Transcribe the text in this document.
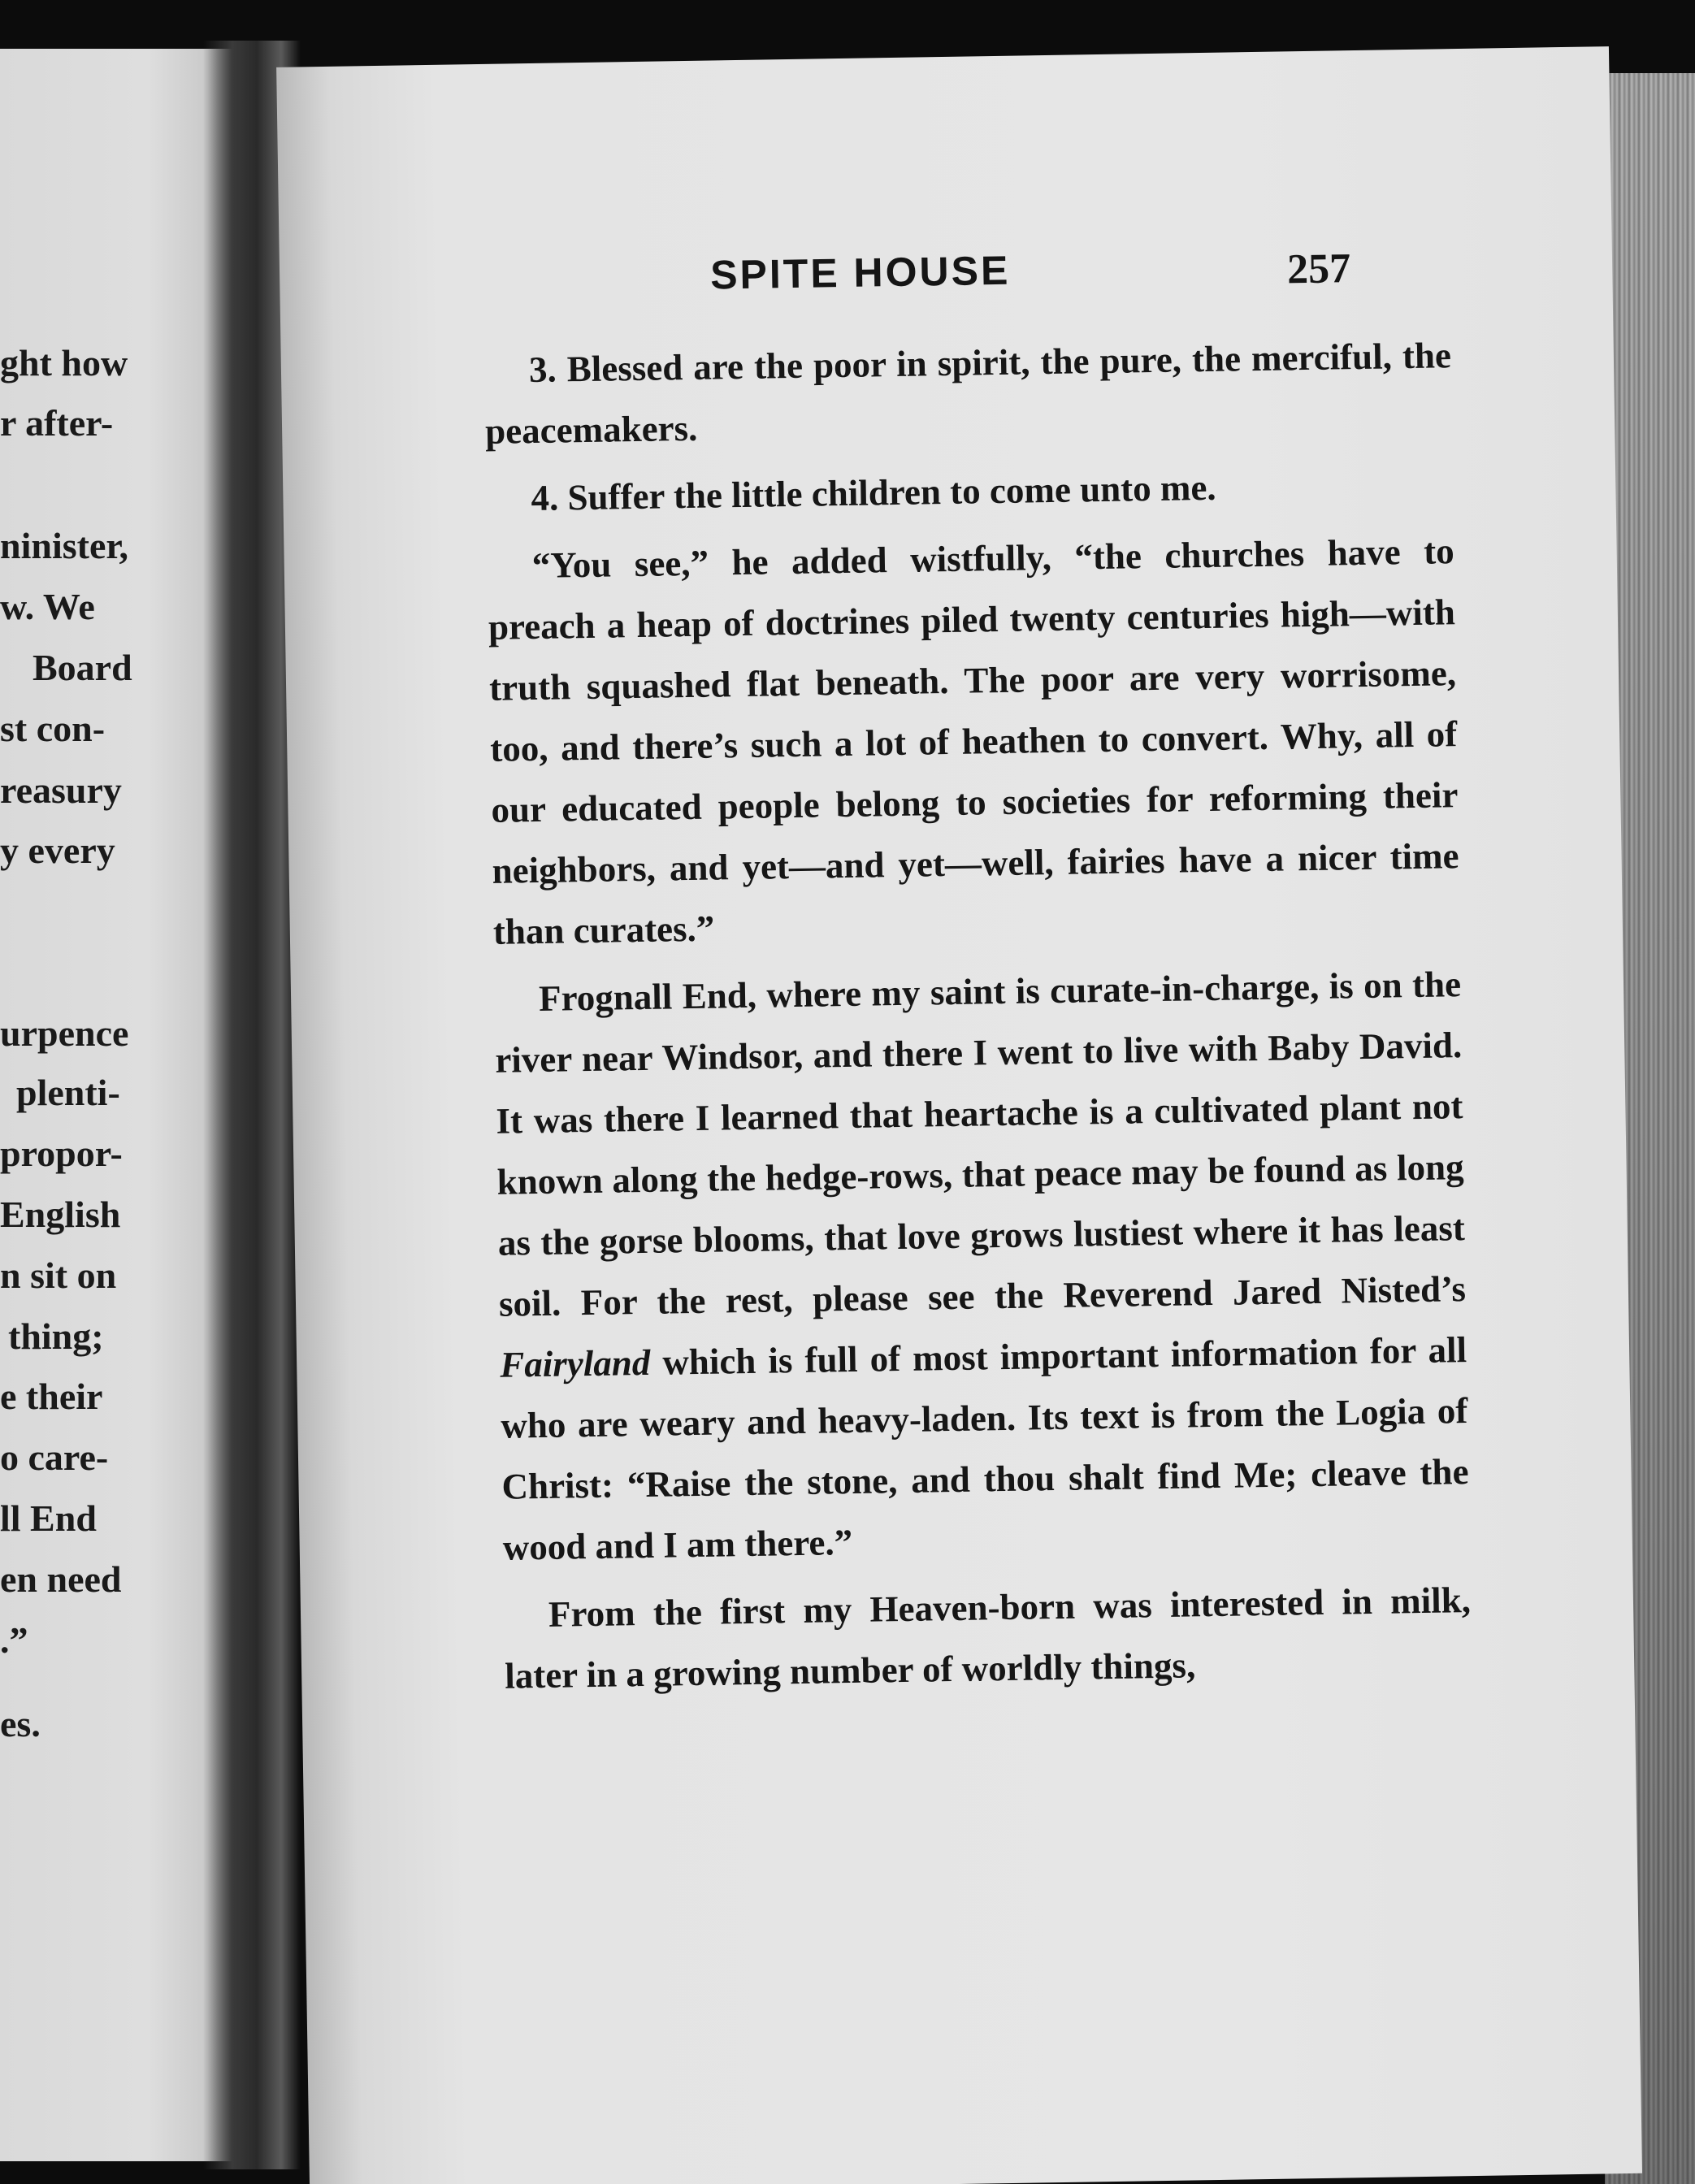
ght how
r after-
ninister,
w. We
Board
st con-
reasury
y every
urpence
plenti-
propor-
English
n sit on
thing;
e their
o care-
ll End
en need
.”
es.
SPITE HOUSE	257

3. Blessed are the poor in spirit, the pure, the merciful, the peacemakers.

4. Suffer the little children to come unto me.

“You see,” he added wistfully, “the churches have to preach a heap of doctrines piled twenty centuries high—with truth squashed flat beneath. The poor are very worrisome, too, and there’s such a lot of heathen to convert. Why, all of our educated people belong to societies for reforming their neighbors, and yet—and yet—well, fairies have a nicer time than curates.”

Frognall End, where my saint is curate-in-charge, is on the river near Windsor, and there I went to live with Baby David. It was there I learned that heartache is a cultivated plant not known along the hedge-rows, that peace may be found as long as the gorse blooms, that love grows lustiest where it has least soil. For the rest, please see the Reverend Jared Nisted’s Fairyland which is full of most important information for all who are weary and heavy-laden. Its text is from the Logia of Christ: “Raise the stone, and thou shalt find Me; cleave the wood and I am there.”

From the first my Heaven-born was interested in milk, later in a growing number of worldly things,
